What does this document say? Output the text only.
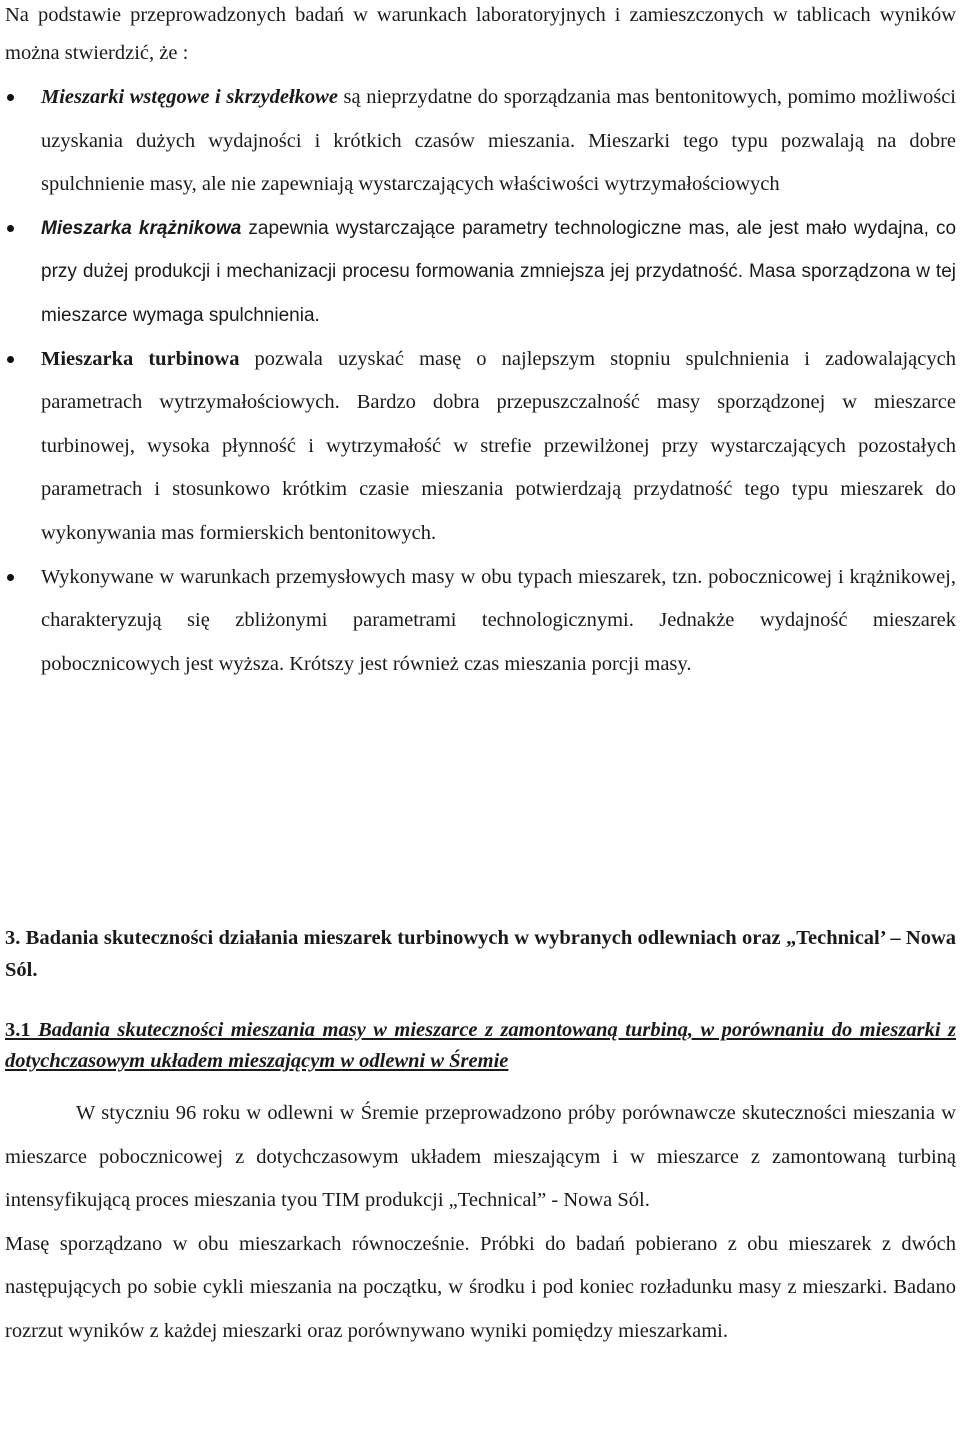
Na podstawie przeprowadzonych badań w warunkach laboratoryjnych i zamieszczonych w tablicach wyników można stwierdzić, że :

Mieszarki wstęgowe i skrzydełkowe są nieprzydatne do sporządzania mas bentonitowych, pomimo możliwości uzyskania dużych wydajności i krótkich czasów mieszania. Mieszarki tego typu pozwalają na dobre spulchnienie masy, ale nie zapewniają wystarczających właściwości wytrzymałościowych
Mieszarka krążnikowa zapewnia wystarczające parametry technologiczne mas, ale jest mało wydajna, co przy dużej produkcji i mechanizacji procesu formowania zmniejsza jej przydatność. Masa sporządzona w tej mieszarce wymaga spulchnienia.
Mieszarka turbinowa pozwala uzyskać masę o najlepszym stopniu spulchnienia i zadowalających parametrach wytrzymałościowych. Bardzo dobra przepuszczalność masy sporządzonej w mieszarce turbinowej, wysoka płynność i wytrzymałość w strefie przewilżonej przy wystarczających pozostałych parametrach i stosunkowo krótkim czasie mieszania potwierdzają przydatność tego typu mieszarek do wykonywania mas formierskich bentonitowych.
Wykonywane w warunkach przemysłowych masy w obu typach mieszarek, tzn. pobocznicowej i krążnikowej, charakteryzują się zbliżonymi parametrami technologicznymi. Jednakże wydajność mieszarek pobocznicowych jest wyższa. Krótszy jest również czas mieszania porcji masy.

3. Badania skuteczności działania mieszarek turbinowych w wybranych odlewniach oraz „Technical’ – Nowa Sól.

3.1 Badania skuteczności mieszania masy w mieszarce z zamontowaną turbiną, w porównaniu do mieszarki z dotychczasowym układem mieszającym w odlewni w Śremie

W styczniu 96 roku w odlewni w Śremie przeprowadzono próby porównawcze skuteczności mieszania w mieszarce pobocznicowej z dotychczasowym układem mieszającym i w mieszarce z zamontowaną turbiną intensyfikującą proces mieszania tyou TIM produkcji „Technical” - Nowa Sól.

Masę sporządzano w obu mieszarkach równocześnie. Próbki do badań pobierano z obu mieszarek z dwóch następujących po sobie cykli mieszania na początku, w środku i pod koniec rozładunku masy z mieszarki. Badano rozrzut wyników z każdej mieszarki oraz porównywano wyniki pomiędzy mieszarkami.
